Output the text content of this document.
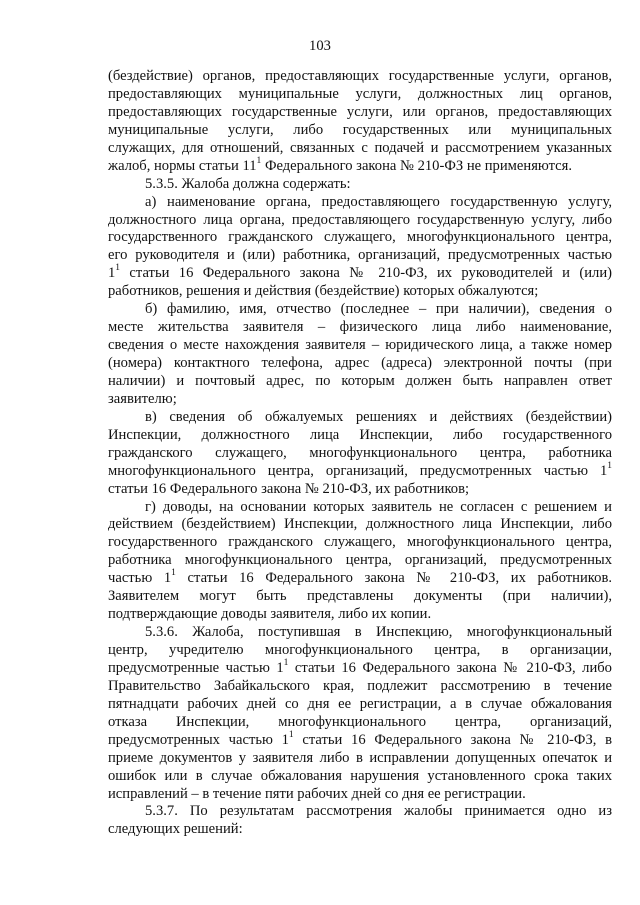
103
(бездействие) органов, предоставляющих государственные услуги, органов,
предоставляющих муниципальные услуги, должностных лиц органов,
предоставляющих государственные услуги, или органов, предоставляющих
муниципальные услуги, либо государственных или муниципальных
служащих, для отношений, связанных с подачей и рассмотрением указанных
жалоб, нормы статьи $11^1$ Федерального закона № 210-ФЗ не применяются.
5.3.5. Жалоба должна содержать:
а) наименование органа, предоставляющего государственную услугу,
должностного лица органа, предоставляющего государственную услугу, либо
государственного гражданского служащего, многофункционального центра,
его руководителя и (или) работника, организаций, предусмотренных частью
$1^1$ статьи 16 Федерального закона № 210-ФЗ, их руководителей и (или)
работников, решения и действия (бездействие) которых обжалуются;
б) фамилию, имя, отчество (последнее – при наличии), сведения о
месте жительства заявителя – физического лица либо наименование,
сведения о месте нахождения заявителя – юридического лица, а также номер
(номера) контактного телефона, адрес (адреса) электронной почты (при
наличии) и почтовый адрес, по которым должен быть направлен ответ
заявителю;
в) сведения об обжалуемых решениях и действиях (бездействии)
Инспекции, должностного лица Инспекции, либо государственного
гражданского служащего, многофункционального центра, работника
многофункционального центра, организаций, предусмотренных частью $1^1$
статьи 16 Федерального закона № 210-ФЗ, их работников;
г) доводы, на основании которых заявитель не согласен с решением и
действием (бездействием) Инспекции, должностного лица Инспекции, либо
государственного гражданского служащего, многофункционального центра,
работника многофункционального центра, организаций, предусмотренных
частью $1^1$ статьи 16 Федерального закона № 210-ФЗ, их работников.
Заявителем могут быть представлены документы (при наличии),
подтверждающие доводы заявителя, либо их копии.
5.3.6. Жалоба, поступившая в Инспекцию, многофункциональный
центр, учредителю многофункционального центра, в организации,
предусмотренные частью $1^1$ статьи 16 Федерального закона № 210-ФЗ, либо
Правительство Забайкальского края, подлежит рассмотрению в течение
пятнадцати рабочих дней со дня ее регистрации, а в случае обжалования
отказа Инспекции, многофункционального центра, организаций,
предусмотренных частью $1^1$ статьи 16 Федерального закона № 210-ФЗ, в
приеме документов у заявителя либо в исправлении допущенных опечаток и
ошибок или в случае обжалования нарушения установленного срока таких
исправлений – в течение пяти рабочих дней со дня ее регистрации.
5.3.7. По результатам рассмотрения жалобы принимается одно из
следующих решений:
